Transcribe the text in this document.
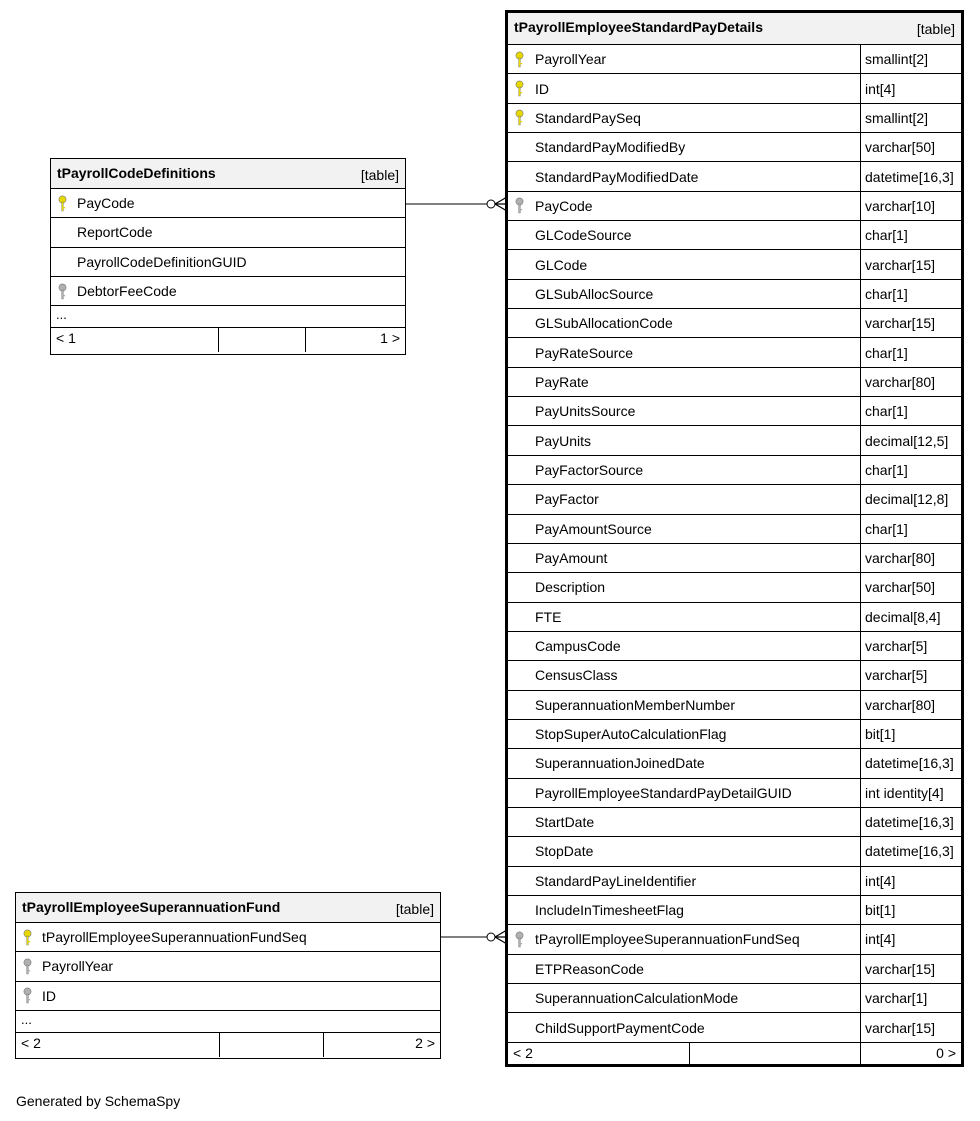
tPayrollCodeDefinitions	[table]
PayCode
ReportCode
PayrollCodeDefinitionGUID
DebtorFeeCode
...
< 1	1 >
tPayrollEmployeeSuperannuationFund	[table]
tPayrollEmployeeSuperannuationFundSeq
PayrollYear
ID
...
< 2	2 >
tPayrollEmployeeStandardPayDetails	[table]
PayrollYear	smallint[2]
ID	int[4]
StandardPaySeq	smallint[2]
StandardPayModifiedBy	varchar[50]
StandardPayModifiedDate	datetime[16,3]
PayCode	varchar[10]
GLCodeSource	char[1]
GLCode	varchar[15]
GLSubAllocSource	char[1]
GLSubAllocationCode	varchar[15]
PayRateSource	char[1]
PayRate	varchar[80]
PayUnitsSource	char[1]
PayUnits	decimal[12,5]
PayFactorSource	char[1]
PayFactor	decimal[12,8]
PayAmountSource	char[1]
PayAmount	varchar[80]
Description	varchar[50]
FTE	decimal[8,4]
CampusCode	varchar[5]
CensusClass	varchar[5]
SuperannuationMemberNumber	varchar[80]
StopSuperAutoCalculationFlag	bit[1]
SuperannuationJoinedDate	datetime[16,3]
PayrollEmployeeStandardPayDetailGUID	int identity[4]
StartDate	datetime[16,3]
StopDate	datetime[16,3]
StandardPayLineIdentifier	int[4]
IncludeInTimesheetFlag	bit[1]
tPayrollEmployeeSuperannuationFundSeq	int[4]
ETPReasonCode	varchar[15]
SuperannuationCalculationMode	varchar[1]
ChildSupportPaymentCode	varchar[15]
< 2	0 >
Generated by SchemaSpy
